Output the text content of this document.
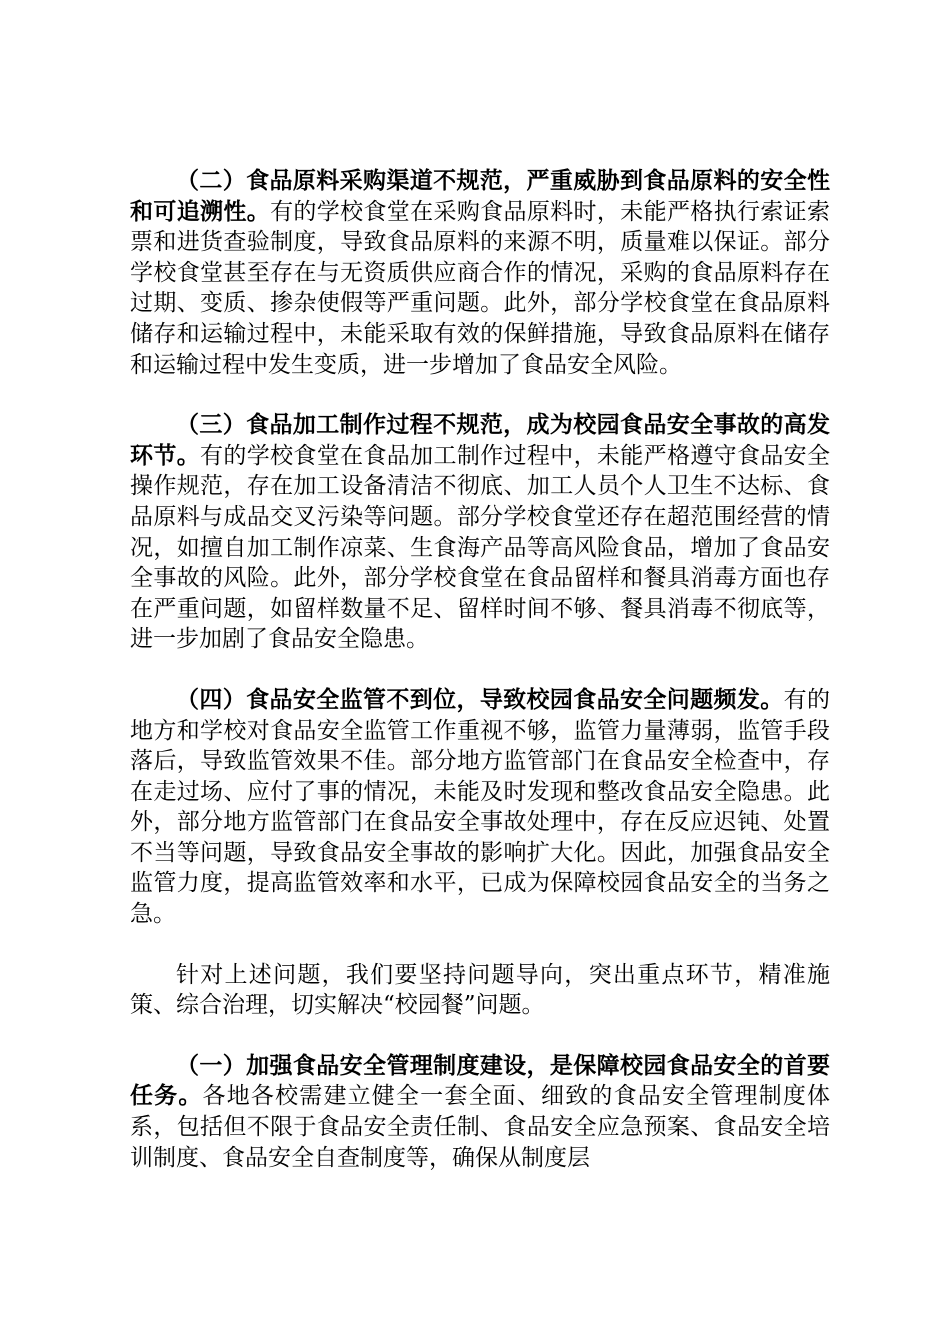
（二）食品原料采购渠道不规范，严重威胁到食品原料的安全性和可追溯性。有的学校食堂在采购食品原料时，未能严格执行索证索票和进货查验制度，导致食品原料的来源不明，质量难以保证。部分学校食堂甚至存在与无资质供应商合作的情况，采购的食品原料存在过期、变质、掺杂使假等严重问题。此外，部分学校食堂在食品原料储存和运输过程中，未能采取有效的保鲜措施，导致食品原料在储存和运输过程中发生变质，进一步增加了食品安全风险。

（三）食品加工制作过程不规范，成为校园食品安全事故的高发环节。有的学校食堂在食品加工制作过程中，未能严格遵守食品安全操作规范，存在加工设备清洁不彻底、加工人员个人卫生不达标、食品原料与成品交叉污染等问题。部分学校食堂还存在超范围经营的情况，如擅自加工制作凉菜、生食海产品等高风险食品，增加了食品安全事故的风险。此外，部分学校食堂在食品留样和餐具消毒方面也存在严重问题，如留样数量不足、留样时间不够、餐具消毒不彻底等，进一步加剧了食品安全隐患。

（四）食品安全监管不到位，导致校园食品安全问题频发。有的地方和学校对食品安全监管工作重视不够，监管力量薄弱，监管手段落后，导致监管效果不佳。部分地方监管部门在食品安全检查中，存在走过场、应付了事的情况，未能及时发现和整改食品安全隐患。此外，部分地方监管部门在食品安全事故处理中，存在反应迟钝、处置不当等问题，导致食品安全事故的影响扩大化。因此，加强食品安全监管力度，提高监管效率和水平，已成为保障校园食品安全的当务之急。

针对上述问题，我们要坚持问题导向，突出重点环节，精准施策、综合治理，切实解决“校园餐”问题。

（一）加强食品安全管理制度建设，是保障校园食品安全的首要任务。各地各校需建立健全一套全面、细致的食品安全管理制度体系，包括但不限于食品安全责任制、食品安全应急预案、食品安全培训制度、食品安全自查制度等，确保从制度层
